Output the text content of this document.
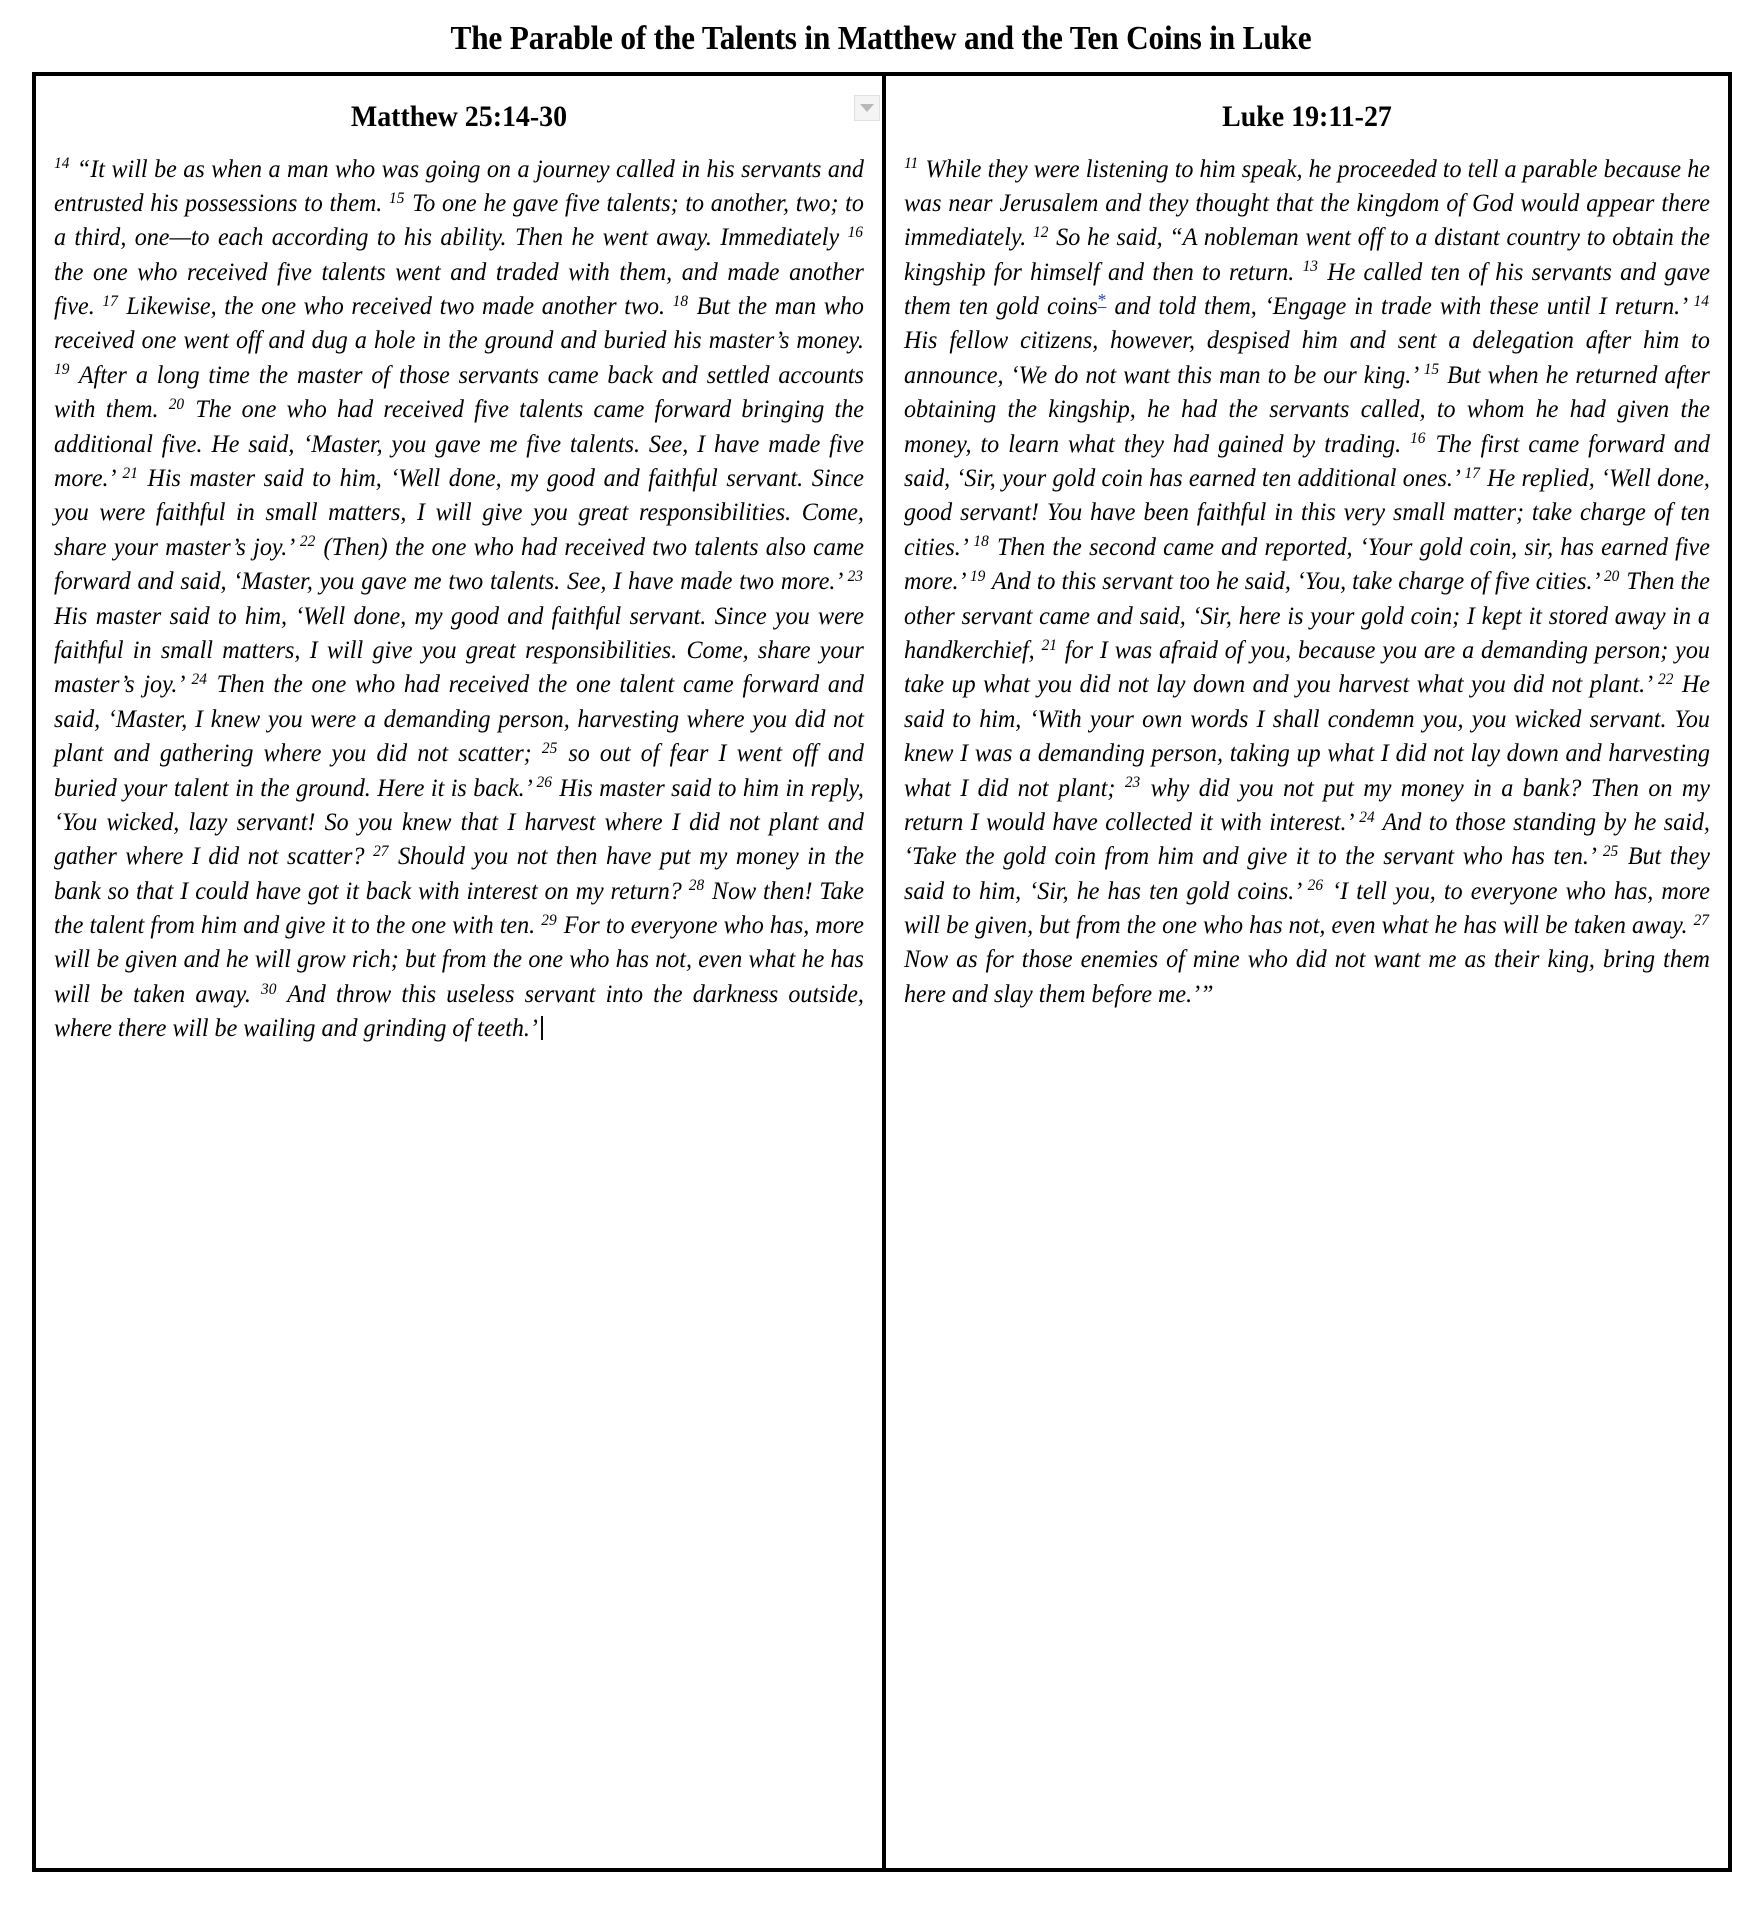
The Parable of the Talents in Matthew and the Ten Coins in Luke
Matthew 25:14-30
$^{14}$ “It will be as when a man who was going on a journey called in his servants and entrusted his possessions to them. $^{15}$ To one he gave five talents; to another, two; to a third, one—to each according to his ability. Then he went away. Immediately $^{16}$ the one who received five talents went and traded with them, and made another five. $^{17}$ Likewise, the one who received two made another two. $^{18}$ But the man who received one went off and dug a hole in the ground and buried his master’s money. $^{19}$ After a long time the master of those servants came back and settled accounts with them. $^{20}$ The one who had received five talents came forward bringing the additional five. He said, ‘Master, you gave me five talents. See, I have made five more.’ $^{21}$ His master said to him, ‘Well done, my good and faithful servant. Since you were faithful in small matters, I will give you great responsibilities. Come, share your master’s joy.’ $^{22}$ (Then) the one who had received two talents also came forward and said, ‘Master, you gave me two talents. See, I have made two more.’ $^{23}$ His master said to him, ‘Well done, my good and faithful servant. Since you were faithful in small matters, I will give you great responsibilities. Come, share your master’s joy.’ $^{24}$ Then the one who had received the one talent came forward and said, ‘Master, I knew you were a demanding person, harvesting where you did not plant and gathering where you did not scatter; $^{25}$ so out of fear I went off and buried your talent in the ground. Here it is back.’ $^{26}$ His master said to him in reply, ‘You wicked, lazy servant! So you knew that I harvest where I did not plant and gather where I did not scatter? $^{27}$ Should you not then have put my money in the bank so that I could have got it back with interest on my return? $^{28}$ Now then! Take the talent from him and give it to the one with ten. $^{29}$ For to everyone who has, more will be given and he will grow rich; but from the one who has not, even what he has will be taken away. $^{30}$ And throw this useless servant into the darkness outside, where there will be wailing and grinding of teeth.’

Luke 19:11-27
$^{11}$ While they were listening to him speak, he proceeded to tell a parable because he was near Jerusalem and they thought that the kingdom of God would appear there immediately. $^{12}$ So he said, “A nobleman went off to a distant country to obtain the kingship for himself and then to return. $^{13}$ He called ten of his servants and gave them ten gold coins* and told them, ‘Engage in trade with these until I return.’ $^{14}$ His fellow citizens, however, despised him and sent a delegation after him to announce, ‘We do not want this man to be our king.’ $^{15}$ But when he returned after obtaining the kingship, he had the servants called, to whom he had given the money, to learn what they had gained by trading. $^{16}$ The first came forward and said, ‘Sir, your gold coin has earned ten additional ones.’ $^{17}$ He replied, ‘Well done, good servant! You have been faithful in this very small matter; take charge of ten cities.’ $^{18}$ Then the second came and reported, ‘Your gold coin, sir, has earned five more.’ $^{19}$ And to this servant too he said, ‘You, take charge of five cities.’ $^{20}$ Then the other servant came and said, ‘Sir, here is your gold coin; I kept it stored away in a handkerchief, $^{21}$ for I was afraid of you, because you are a demanding person; you take up what you did not lay down and you harvest what you did not plant.’ $^{22}$ He said to him, ‘With your own words I shall condemn you, you wicked servant. You knew I was a demanding person, taking up what I did not lay down and harvesting what I did not plant; $^{23}$ why did you not put my money in a bank? Then on my return I would have collected it with interest.’ $^{24}$ And to those standing by he said, ‘Take the gold coin from him and give it to the servant who has ten.’ $^{25}$ But they said to him, ‘Sir, he has ten gold coins.’ $^{26}$ ‘I tell you, to everyone who has, more will be given, but from the one who has not, even what he has will be taken away. $^{27}$ Now as for those enemies of mine who did not want me as their king, bring them here and slay them before me.’”
